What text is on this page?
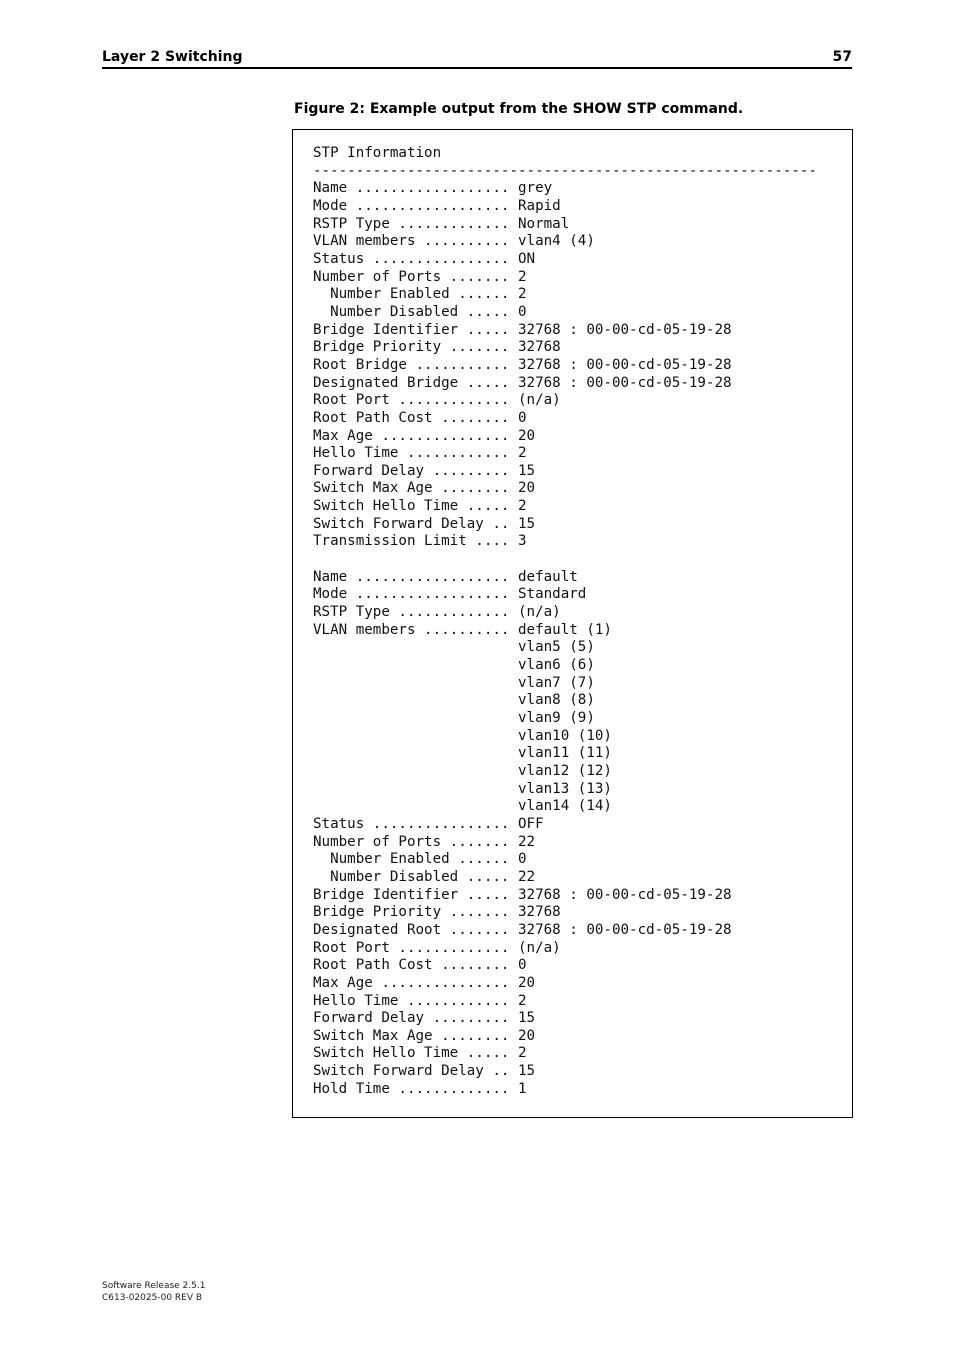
Layer 2 Switching	57
Figure 2: Example output from the SHOW STP command.
STP Information
-----------------------------------------------------------
Name .................. grey
Mode .................. Rapid
RSTP Type ............. Normal
VLAN members .......... vlan4 (4)
Status ................ ON
Number of Ports ....... 2
Number Enabled ...... 2
Number Disabled ..... 0
Bridge Identifier ..... 32768 : 00-00-cd-05-19-28
Bridge Priority ....... 32768
Root Bridge ........... 32768 : 00-00-cd-05-19-28
Designated Bridge ..... 32768 : 00-00-cd-05-19-28
Root Port ............. (n/a)
Root Path Cost ........ 0
Max Age ............... 20
Hello Time ............ 2
Forward Delay ......... 15
Switch Max Age ........ 20
Switch Hello Time ..... 2
Switch Forward Delay .. 15
Transmission Limit .... 3

Name .................. default
Mode .................. Standard
RSTP Type ............. (n/a)
VLAN members .......... default (1)
vlan5 (5)
vlan6 (6)
vlan7 (7)
vlan8 (8)
vlan9 (9)
vlan10 (10)
vlan11 (11)
vlan12 (12)
vlan13 (13)
vlan14 (14)
Status ................ OFF
Number of Ports ....... 22
Number Enabled ...... 0
Number Disabled ..... 22
Bridge Identifier ..... 32768 : 00-00-cd-05-19-28
Bridge Priority ....... 32768
Designated Root ....... 32768 : 00-00-cd-05-19-28
Root Port ............. (n/a)
Root Path Cost ........ 0
Max Age ............... 20
Hello Time ............ 2
Forward Delay ......... 15
Switch Max Age ........ 20
Switch Hello Time ..... 2
Switch Forward Delay .. 15
Hold Time ............. 1
Software Release 2.5.1
C613-02025-00 REV B
